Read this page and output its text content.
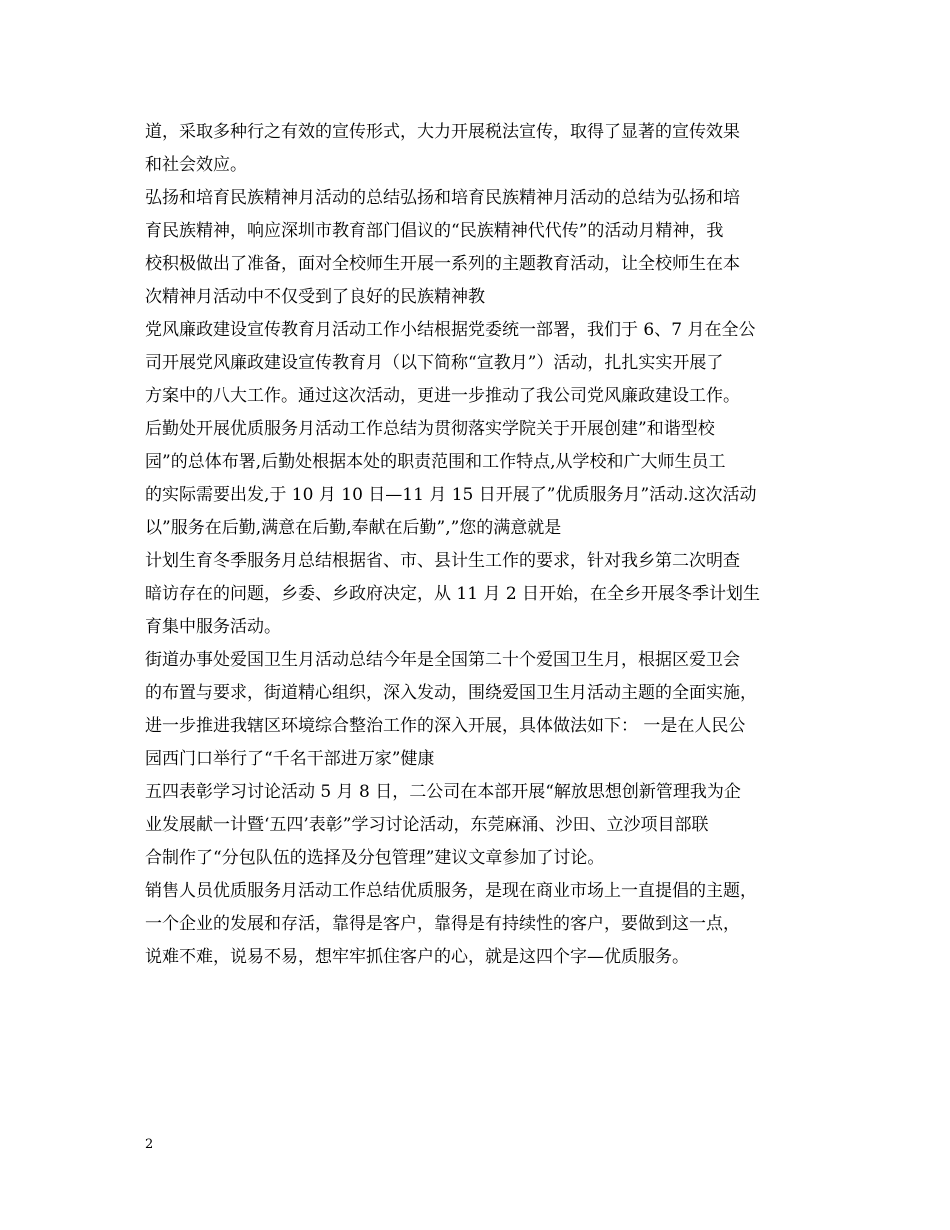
道，采取多种行之有效的宣传形式，大力开展税法宣传，取得了显著的宣传效果
和社会效应。
弘扬和培育民族精神月活动的总结弘扬和培育民族精神月活动的总结为弘扬和培
育民族精神，响应深圳市教育部门倡议的“民族精神代代传”的活动月精神，我
校积极做出了准备，面对全校师生开展一系列的主题教育活动，让全校师生在本
次精神月活动中不仅受到了良好的民族精神教
党风廉政建设宣传教育月活动工作小结根据党委统一部署，我们于 6、7 月在全公
司开展党风廉政建设宣传教育月（以下简称“宣教月”）活动，扎扎实实开展了
方案中的八大工作。通过这次活动，更进一步推动了我公司党风廉政建设工作。
后勤处开展优质服务月活动工作总结为贯彻落实学院关于开展创建”和谐型校
园”的总体布署,后勤处根据本处的职责范围和工作特点,从学校和广大师生员工
的实际需要出发,于 10 月 10 日—11 月 15 日开展了”优质服务月”活动.这次活动
以”服务在后勤,满意在后勤,奉献在后勤”,”您的满意就是
计划生育冬季服务月总结根据省、市、县计生工作的要求，针对我乡第二次明查
暗访存在的问题，乡委、乡政府决定，从 11 月 2 日开始，在全乡开展冬季计划生
育集中服务活动。
街道办事处爱国卫生月活动总结今年是全国第二十个爱国卫生月，根据区爱卫会
的布置与要求，街道精心组织，深入发动，围绕爱国卫生月活动主题的全面实施，
进一步推进我辖区环境综合整治工作的深入开展，具体做法如下： 一是在人民公
园西门口举行了“千名干部进万家”健康
五四表彰学习讨论活动 5 月 8 日，二公司在本部开展“解放思想创新管理我为企
业发展献一计暨‘五四’表彰”学习讨论活动，东莞麻涌、沙田、立沙项目部联
合制作了“分包队伍的选择及分包管理”建议文章参加了讨论。
销售人员优质服务月活动工作总结优质服务，是现在商业市场上一直提倡的主题，
一个企业的发展和存活，靠得是客户，靠得是有持续性的客户，要做到这一点，
说难不难，说易不易，想牢牢抓住客户的心，就是这四个字—优质服务。
2
